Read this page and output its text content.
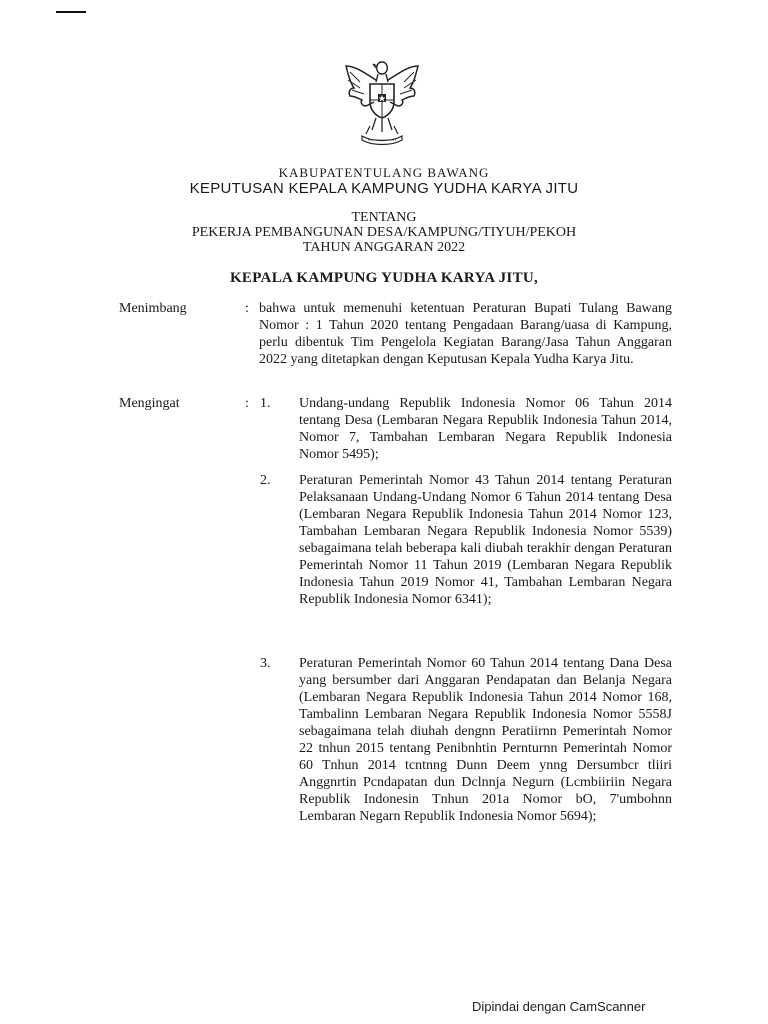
KABUPATENTULANG BAWANG
KEPUTUSAN KEPALA KAMPUNG YUDHA KARYA JITU
TENTANG
PEKERJA PEMBANGUNAN DESA/KAMPUNG/TIYUH/PEKOH
TAHUN ANGGARAN 2022
KEPALA KAMPUNG YUDHA KARYA JITU,
Menimbang	: bahwa untuk memenuhi ketentuan Peraturan Bupati Tulang Bawang Nomor : 1 Tahun 2020 tentang Pengadaan Barang/uasa di Kampung, perlu dibentuk Tim Pengelola Kegiatan Barang/Jasa Tahun Anggaran 2022 yang ditetapkan dengan Keputusan Kepala Yudha Karya Jitu.
Mengingat	: 1. Undang-undang Republik Indonesia Nomor 06 Tahun 2014 tentang Desa (Lembaran Negara Republik Indonesia Tahun 2014, Nomor 7, Tambahan Lembaran Negara Republik Indonesia Nomor 5495);
2. Peraturan Pemerintah Nomor 43 Tahun 2014 tentang Peraturan Pelaksanaan Undang-Undang Nomor 6 Tahun 2014 tentang Desa (Lembaran Negara Republik Indonesia Tahun 2014 Nomor 123, Tambahan Lembaran Negara Republik Indonesia Nomor 5539) sebagaimana telah beberapa kali diubah terakhir dengan Peraturan Pemerintah Nomor 11 Tahun 2019 (Lembaran Negara Republik Indonesia Tahun 2019 Nomor 41, Tambahan Lembaran Negara Republik Indonesia Nomor 6341);
3. Peraturan Pemerintah Nomor 60 Tahun 2014 tentang Dana Desa yang bersumber dari Anggaran Pendapatan dan Belanja Negara (Lembaran Negara Republik Indonesia Tahun 2014 Nomor 168, Tambalinn Lembaran Negara Republik Indonesia Nomor 5558J sebagaimana telah diuhah dengnn Peratiirnn Pemerintah Nomor 22 tnhun 2015 tentang Penibnhtin Pernturnn Pemerintah Nomor 60 Tnhun 2014 tcntnng Dunn Deem ynng Dersumbcr tliiri Anggnrtin Pcndapatan dun Dclnnja Negurn (Lcmbiiriin Negara Republik Indonesin Tnhun 201a Nomor bO, 7'umbohnn Lembaran Negarn Republik Indonesia Nomor 5694);
Dipindai dengan CamScanner
